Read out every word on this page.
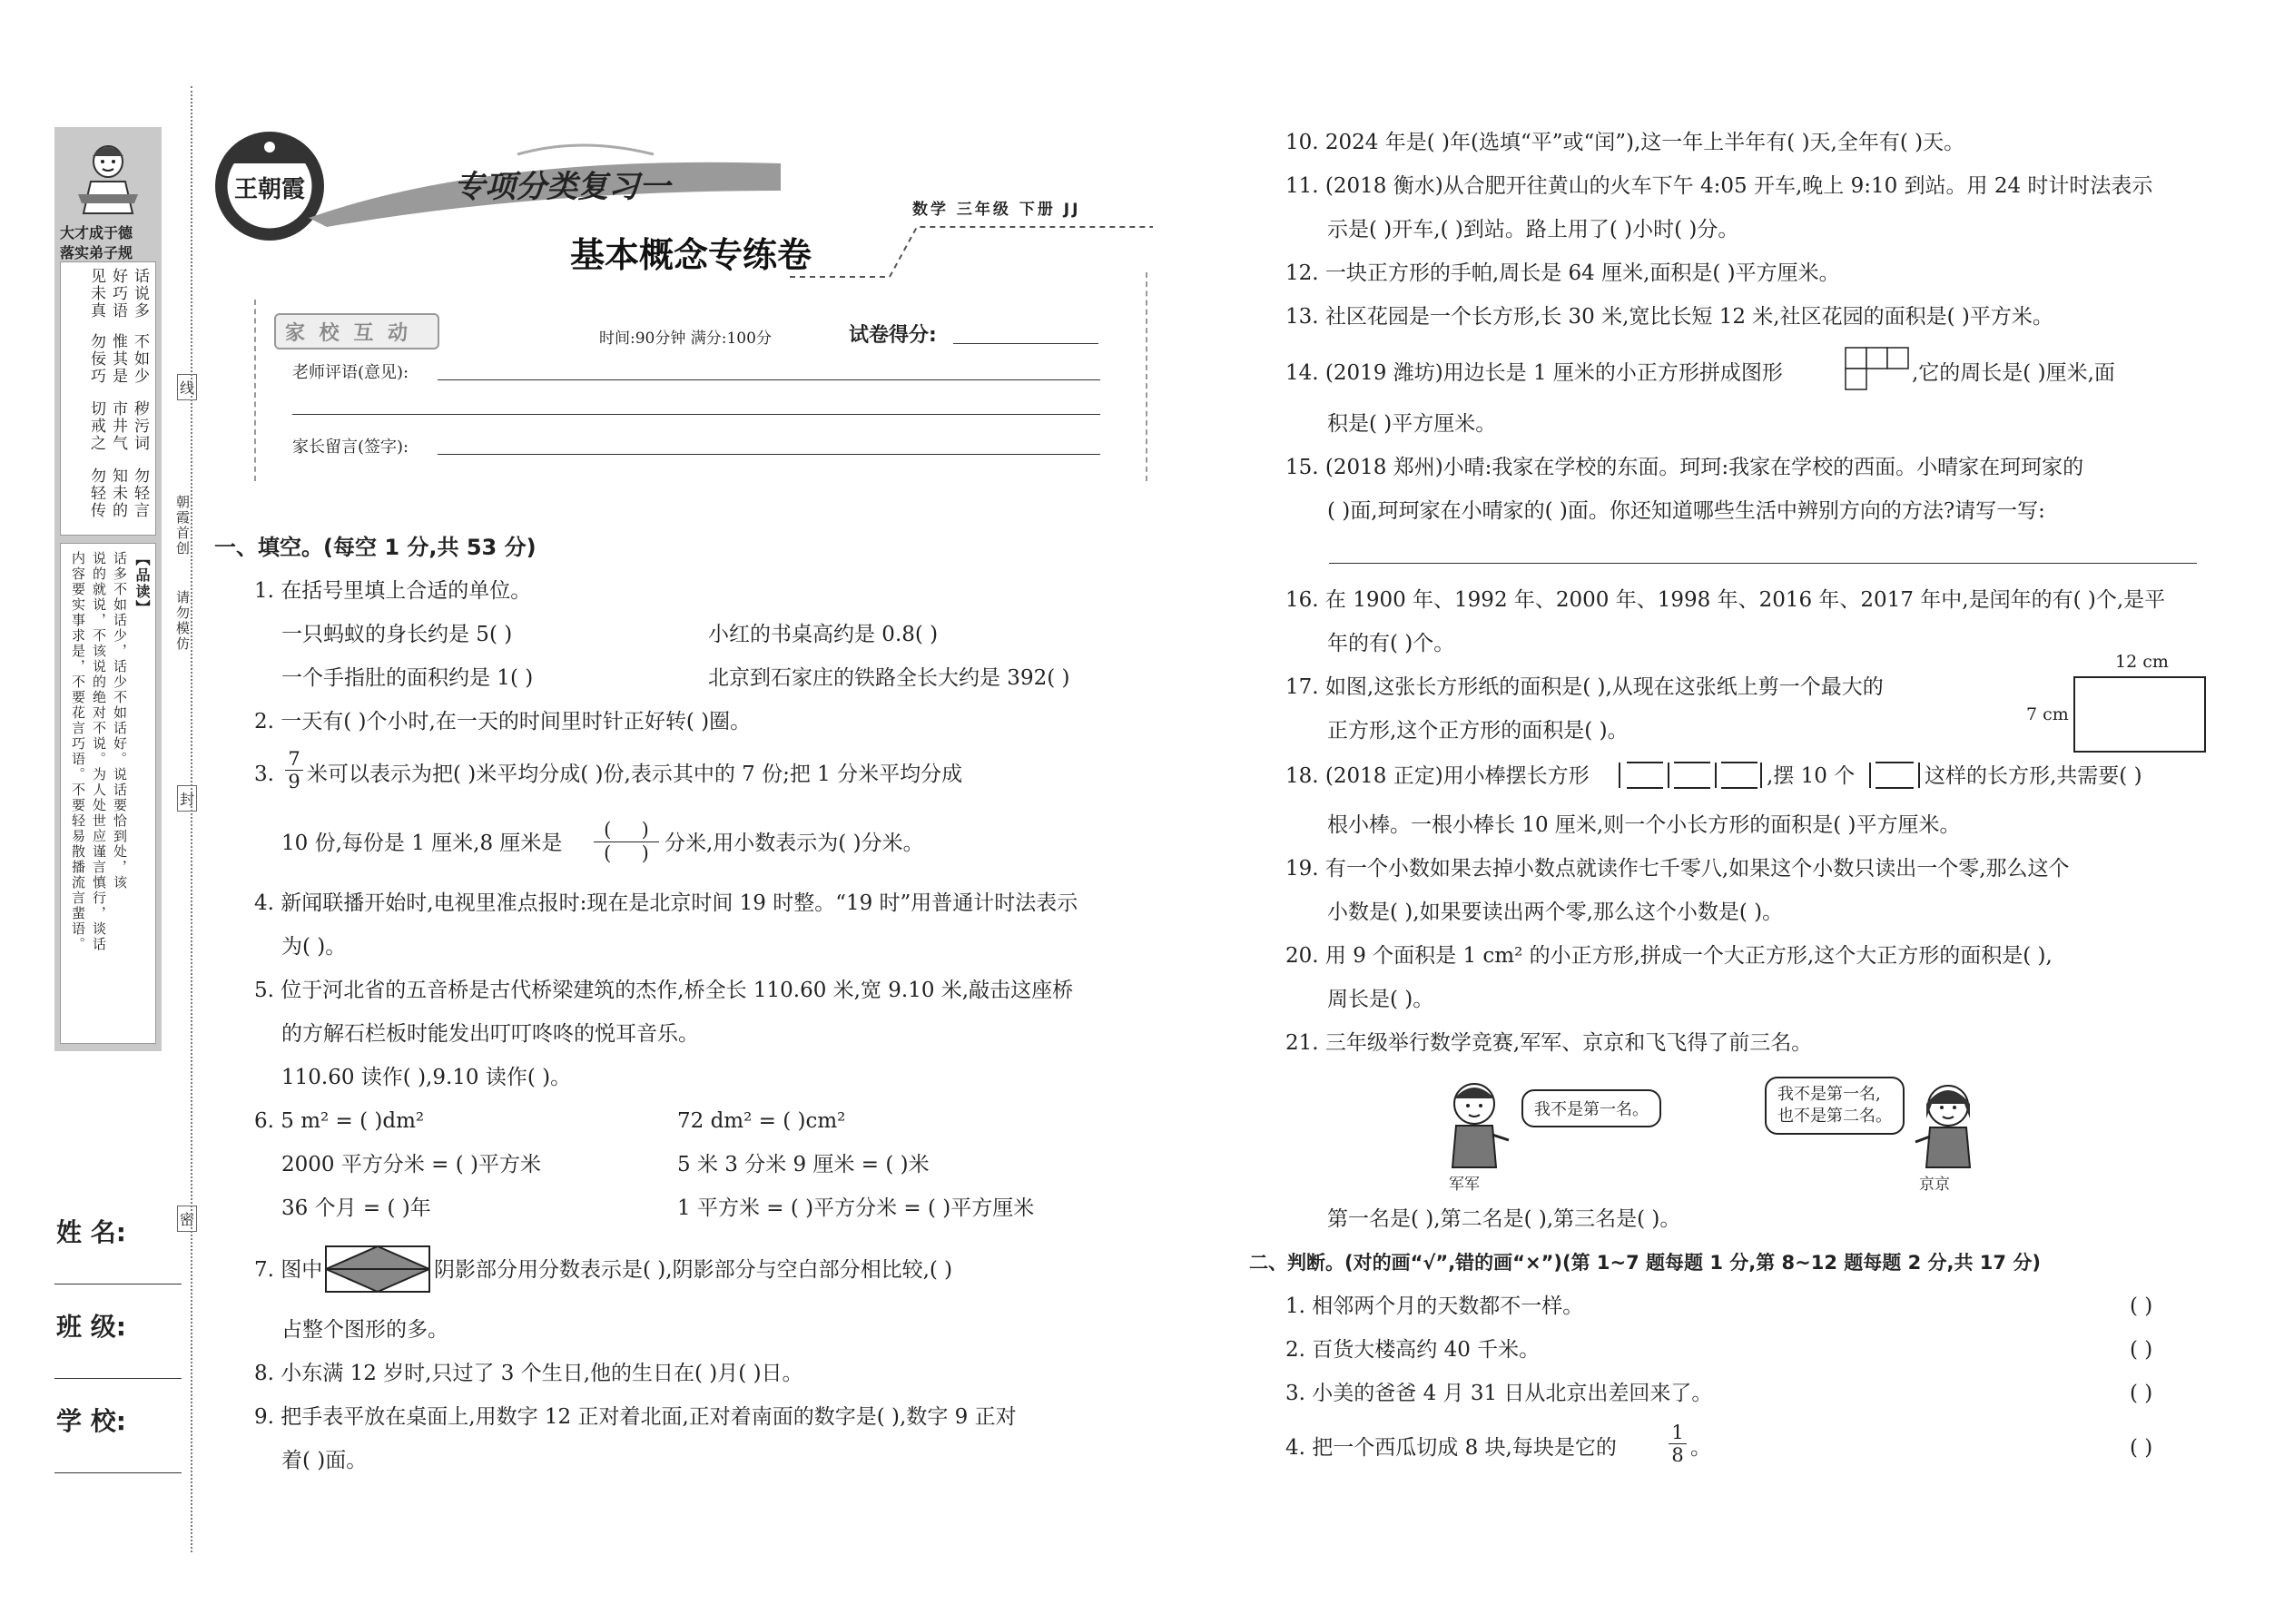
大才成于德
落实弟子规
话说多
好巧语
见未真
不如少
惟其是
勿佞巧
秽污词
市井气
切戒之
勿轻言
知未的
勿轻传
【品读】
话多不如话少，话少不如话好。说话要恰到处，该
说的就说，不该说的绝对不说。为人处世应谨言慎行，谈话
内容要实事求是，不要花言巧语。不要轻易散播流言蜚语。
线
封
密
朝霞首创
请勿模仿
姓 名:
班 级:
学 校:
王朝霞	专项分类复习一
基本概念专练卷
数学 三年级 下册 JJ
家 校 互 动	时间:90分钟 满分:100分	试卷得分:
老师评语(意见):
家长留言(签字):
一、填空。(每空 1 分,共 53 分)
1. 在括号里填上合适的单位。
一只蚂蚁的身长约是 5( )	小红的书桌高约是 0.8( )
一个手指肚的面积约是 1( )	北京到石家庄的铁路全长大约是 392( )
2. 一天有( )个小时,在一天的时间里时针正好转( )圈。
3. $\frac{7}{9}$ 米可以表示为把( )米平均分成( )份,表示其中的 7 份;把 1 分米平均分成
10 份,每份是 1 厘米,8 厘米是
(     )
(     ) 分米,用小数表示为( )分米。
4. 新闻联播开始时,电视里准点报时:现在是北京时间 19 时整。“19 时”用普通计时法表示
为( )。
5. 位于河北省的五音桥是古代桥梁建筑的杰作,桥全长 110.60 米,宽 9.10 米,敲击这座桥
的方解石栏板时能发出叮叮咚咚的悦耳音乐。
110.60 读作( ),9.10 读作( )。
6. 5 m² = ( )dm²	72 dm² = ( )cm²
2000 平方分米 = ( )平方米	5 米 3 分米 9 厘米 = ( )米
36 个月 = ( )年	1 平方米 = ( )平方分米 = ( )平方厘米
7. 图中	阴影部分用分数表示是( ),阴影部分与空白部分相比较,( )
占整个图形的多。
8. 小东满 12 岁时,只过了 3 个生日,他的生日在( )月( )日。
9. 把手表平放在桌面上,用数字 12 正对着北面,正对着南面的数字是( ),数字 9 正对
着( )面。
10. 2024 年是( )年(选填“平”或“闰”),这一年上半年有( )天,全年有( )天。
11. (2018 衡水)从合肥开往黄山的火车下午 4:05 开车,晚上 9:10 到站。用 24 时计时法表示
示是( )开车,( )到站。路上用了( )小时( )分。
12. 一块正方形的手帕,周长是 64 厘米,面积是( )平方厘米。
13. 社区花园是一个长方形,长 30 米,宽比长短 12 米,社区花园的面积是( )平方米。
14. (2019 潍坊)用边长是 1 厘米的小正方形拼成图形	,它的周长是( )厘米,面
积是( )平方厘米。
15. (2018 郑州)小晴:我家在学校的东面。珂珂:我家在学校的西面。小晴家在珂珂家的
( )面,珂珂家在小晴家的( )面。你还知道哪些生活中辨别方向的方法?请写一写:
16. 在 1900 年、1992 年、2000 年、1998 年、2016 年、2017 年中,是闰年的有( )个,是平
年的有( )个。
12 cm
7 cm
17. 如图,这张长方形纸的面积是( ),从现在这张纸上剪一个最大的
正方形,这个正方形的面积是( )。
18. (2018 正定)用小棒摆长方形	,摆 10 个	这样的长方形,共需要( )
根小棒。一根小棒长 10 厘米,则一个小长方形的面积是( )平方厘米。
19. 有一个小数如果去掉小数点就读作七千零八,如果这个小数只读出一个零,那么这个
小数是( ),如果要读出两个零,那么这个小数是( )。
20. 用 9 个面积是 1 cm² 的小正方形,拼成一个大正方形,这个大正方形的面积是( ),
周长是( )。
21. 三年级举行数学竞赛,军军、京京和飞飞得了前三名。
我不是第一名。
军军
我不是第一名,
也不是第二名。
京京
第一名是( ),第二名是( ),第三名是( )。
二、判断。(对的画“√”,错的画“×”)(第 1~7 题每题 1 分,第 8~12 题每题 2 分,共 17 分)
1. 相邻两个月的天数都不一样。	( )
2. 百货大楼高约 40 千米。	( )
3. 小美的爸爸 4 月 31 日从北京出差回来了。	( )
4. 把一个西瓜切成 8 块,每块是它的	$\frac{1}{8}$ 。	( )
